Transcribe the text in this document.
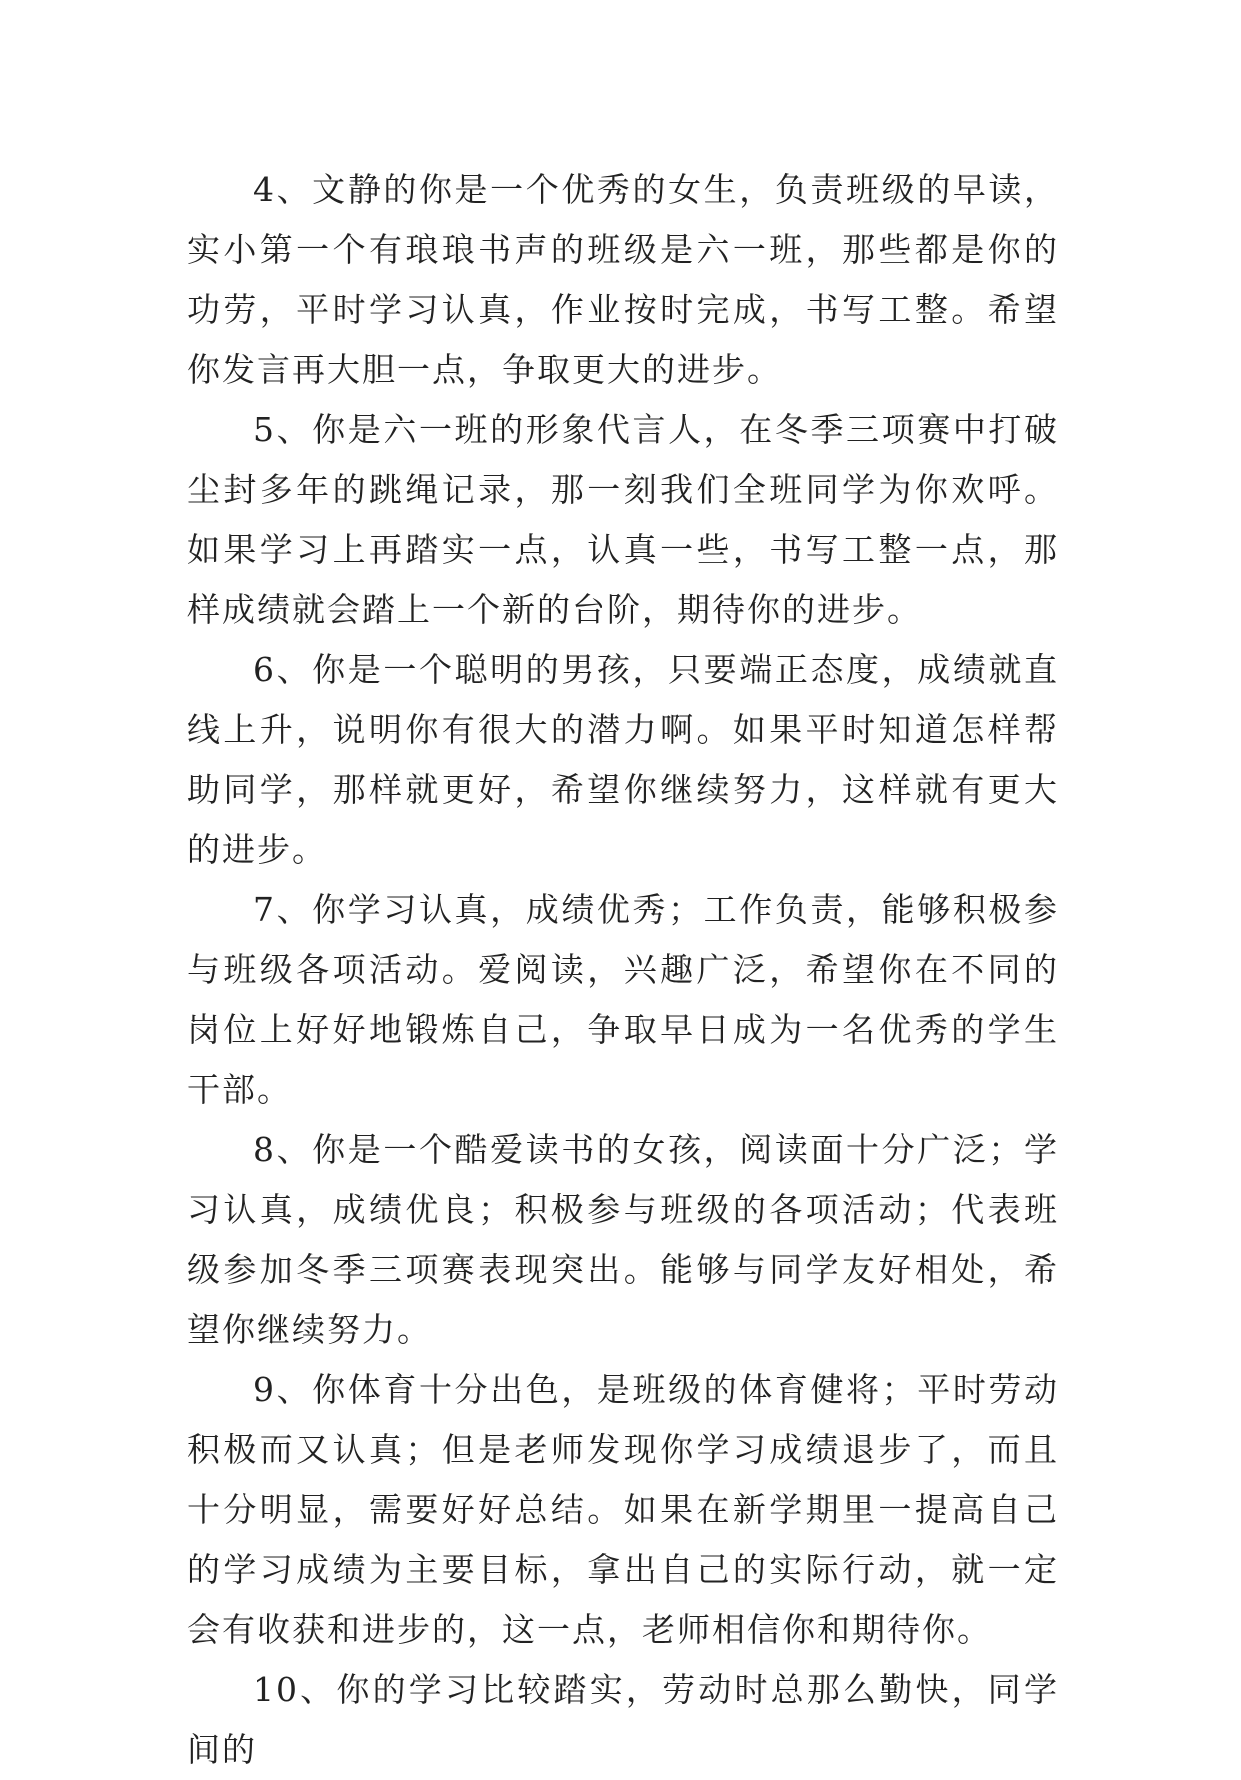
4、文静的你是一个优秀的女生，负责班级的早读，实小第一个有琅琅书声的班级是六一班，那些都是你的功劳，平时学习认真，作业按时完成，书写工整。希望你发言再大胆一点，争取更大的进步。

5、你是六一班的形象代言人，在冬季三项赛中打破尘封多年的跳绳记录，那一刻我们全班同学为你欢呼。如果学习上再踏实一点，认真一些，书写工整一点，那样成绩就会踏上一个新的台阶，期待你的进步。

6、你是一个聪明的男孩，只要端正态度，成绩就直线上升，说明你有很大的潜力啊。如果平时知道怎样帮助同学，那样就更好，希望你继续努力，这样就有更大的进步。

7、你学习认真，成绩优秀；工作负责，能够积极参与班级各项活动。爱阅读，兴趣广泛，希望你在不同的岗位上好好地锻炼自己，争取早日成为一名优秀的学生干部。

8、你是一个酷爱读书的女孩，阅读面十分广泛；学习认真，成绩优良；积极参与班级的各项活动；代表班级参加冬季三项赛表现突出。能够与同学友好相处，希望你继续努力。

9、你体育十分出色，是班级的体育健将；平时劳动积极而又认真；但是老师发现你学习成绩退步了，而且十分明显，需要好好总结。如果在新学期里一提高自己的学习成绩为主要目标，拿出自己的实际行动，就一定会有收获和进步的，这一点，老师相信你和期待你。

10、你的学习比较踏实，劳动时总那么勤快，同学间的
